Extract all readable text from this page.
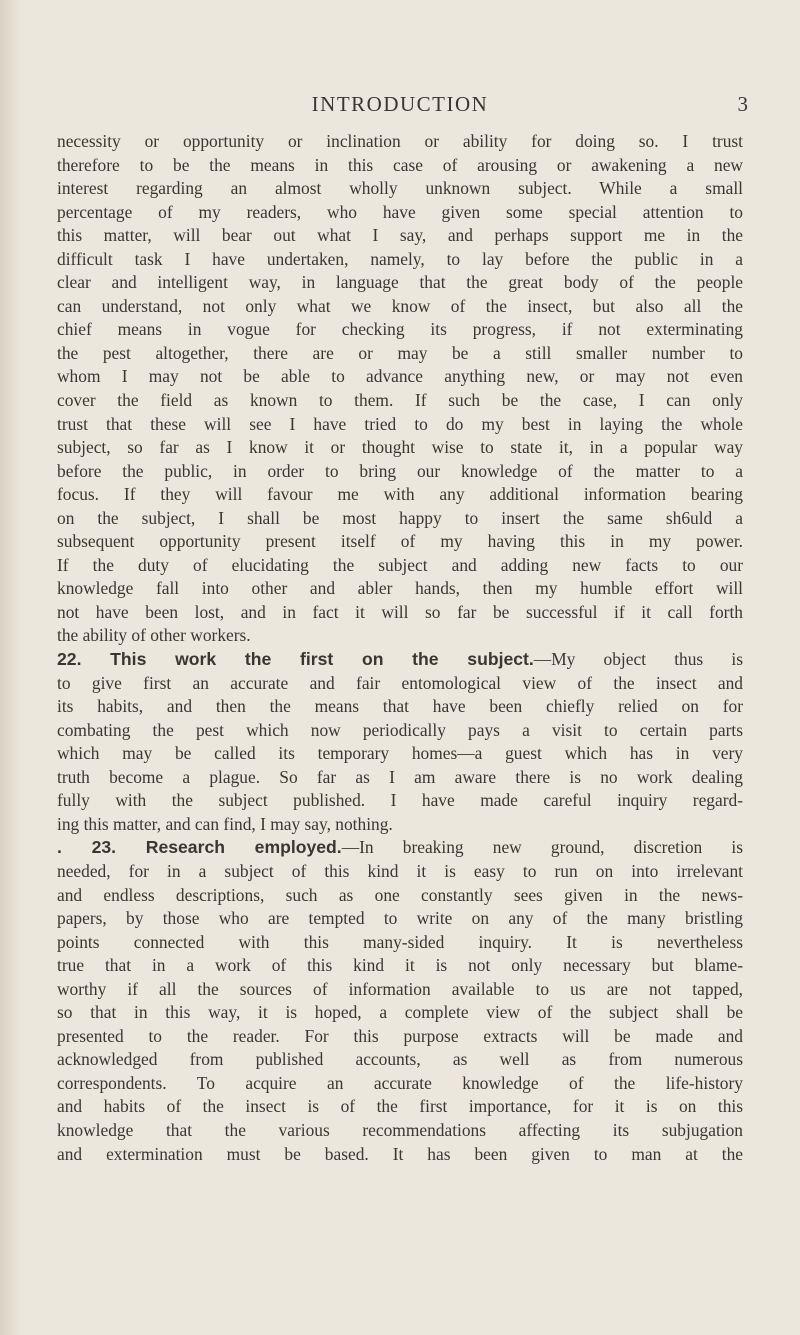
INTRODUCTION	3
necessity or opportunity or inclination or ability for doing so. I trust
therefore to be the means in this case of arousing or awakening a new
interest regarding an almost wholly unknown subject. While a small
percentage of my readers, who have given some special attention to
this matter, will bear out what I say, and perhaps support me in the
difficult task I have undertaken, namely, to lay before the public in a
clear and intelligent way, in language that the great body of the people
can understand, not only what we know of the insect, but also all the
chief means in vogue for checking its progress, if not exterminating
the pest altogether, there are or may be a still smaller number to
whom I may not be able to advance anything new, or may not even
cover the field as known to them. If such be the case, I can only
trust that these will see I have tried to do my best in laying the whole
subject, so far as I know it or thought wise to state it, in a popular way
before the public, in order to bring our knowledge of the matter to a
focus. If they will favour me with any additional information bearing
on the subject, I shall be most happy to insert the same sh6uld a
subsequent opportunity present itself of my having this in my power.
If the duty of elucidating the subject and adding new facts to our
knowledge fall into other and abler hands, then my humble effort will
not have been lost, and in fact it will so far be successful if it call forth
the ability of other workers.
22. This work the first on the subject.—My object thus is
to give first an accurate and fair entomological view of the insect and
its habits, and then the means that have been chiefly relied on for
combating the pest which now periodically pays a visit to certain parts
which may be called its temporary homes—a guest which has in very
truth become a plague. So far as I am aware there is no work dealing
fully with the subject published. I have made careful inquiry regard-
ing this matter, and can find, I may say, nothing.
. 23. Research employed.—In breaking new ground, discretion is
needed, for in a subject of this kind it is easy to run on into irrelevant
and endless descriptions, such as one constantly sees given in the news-
papers, by those who are tempted to write on any of the many bristling
points connected with this many-sided inquiry. It is nevertheless
true that in a work of this kind it is not only necessary but blame-
worthy if all the sources of information available to us are not tapped,
so that in this way, it is hoped, a complete view of the subject shall be
presented to the reader. For this purpose extracts will be made and
acknowledged from published accounts, as well as from numerous
correspondents. To acquire an accurate knowledge of the life-history
and habits of the insect is of the first importance, for it is on this
knowledge that the various recommendations affecting its subjugation
and extermination must be based. It has been given to man at the
